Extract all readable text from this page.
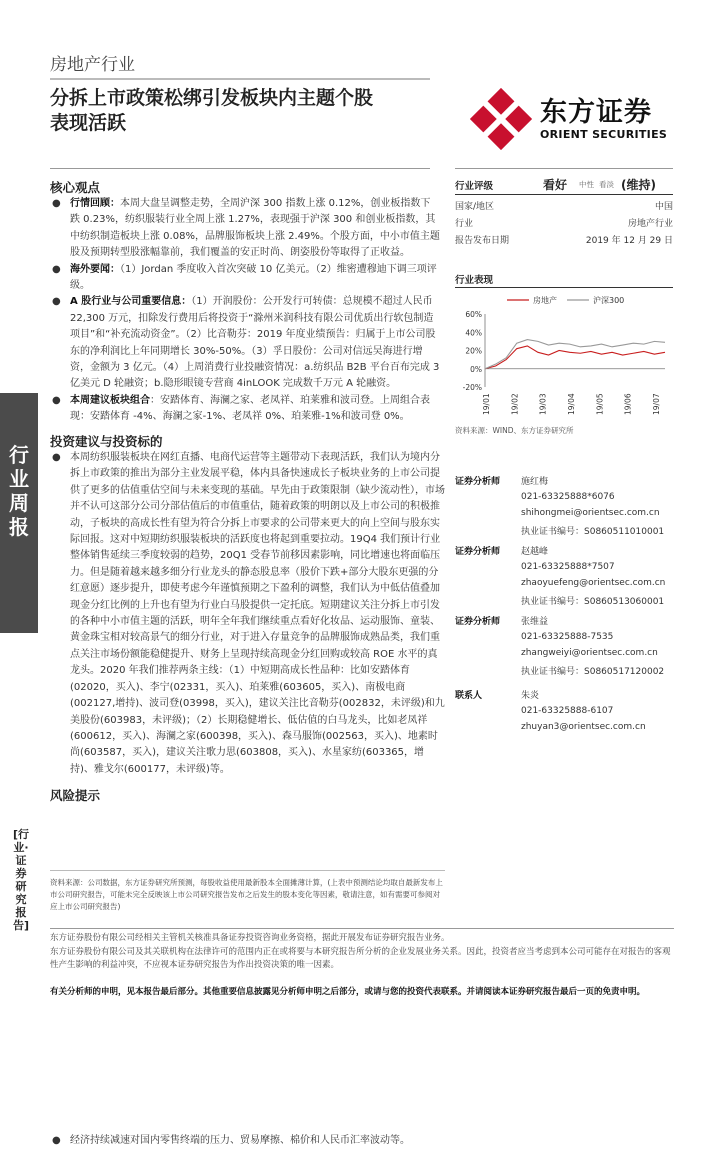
房地产行业
分拆上市政策松绑引发板块内主题个股
表现活跃	东方证券
ORIENT SECURITIES
行
业
周
报
[行业·证券研究报告]
核心观点
● 行情回顾：本周大盘呈调整走势，全周沪深 300 指数上涨 0.12%，创业板指数下跌 0.23%，纺织服装行业全周上涨 1.27%，表现强于沪深 300 和创业板指数，其中纺织制造板块上涨 0.08%，品牌服饰板块上涨 2.49%。个股方面，中小市值主题股及预期转型股涨幅靠前，我们覆盖的安正时尚、朗姿股份等取得了正收益。
● 海外要闻：（1）Jordan 季度收入首次突破 10 亿美元。（2）维密遭穆迪下调三项评级。
● A 股行业与公司重要信息：（1）开润股份：公开发行可转债：总规模不超过人民币 22,300 万元，扣除发行费用后将投资于“滁州米润科技有限公司优质出行软包制造项目”和“补充流动资金”。（2）比音勒芬：2019 年度业绩预告：归属于上市公司股东的净利润比上年同期增长 30%-50%。（3）孚日股份：公司对信远吴海进行增资，金额为 3 亿元。（4）上周消费行业投融资情况：a.纺织品 B2B 平台百布完成 3 亿美元 D 轮融资；b.隐形眼镜专营商 4inLOOK 完成数千万元 A 轮融资。
● 本周建议板块组合：安踏体育、海澜之家、老凤祥、珀莱雅和波司登。上周组合表现：安踏体育 -4%、海澜之家-1%、老凤祥 0%、珀莱雅-1%和波司登 0%。
投资建议与投资标的
● 本周纺织服装板块在网红直播、电商代运营等主题带动下表现活跃，我们认为境内分拆上市政策的推出为部分主业发展平稳，体内具备快速成长子板块业务的上市公司提供了更多的估值重估空间与未来变现的基础。早先由于政策限制（缺少流动性），市场并不认可这部分公司分部估值后的市值重估，随着政策的明朗以及上市公司的积极推动，子板块的高成长性有望为符合分拆上市要求的公司带来更大的向上空间与股东实际回报。这对中短期纺织服装板块的活跃度也将起到重要拉动。19Q4 我们预计行业整体销售延续三季度较弱的趋势，20Q1 受春节前移因素影响，同比增速也将面临压力。但是随着越来越多细分行业龙头的静态股息率（股价下跌+部分大股东更强的分红意愿）逐步提升，即使考虑今年谨慎预期之下盈利的调整，我们认为中低估值叠加现金分红比例的上升也有望为行业白马股提供一定托底。短期建议关注分拆上市引发的各种中小市值主题的活跃，明年全年我们继续重点看好化妆品、运动服饰、童装、黄金珠宝相对较高景气的细分行业，对于进入存量竞争的品牌服饰成熟品类，我们重点关注市场份额能稳健提升、财务上呈现持续高现金分红回购或较高 ROE 水平的真龙头。2020 年我们推荐两条主线：（1）中短期高成长性品种：比如安踏体育(02020，买入)、李宁(02331，买入)、珀莱雅(603605，买入)、南极电商(002127,增持)、波司登(03998，买入)，建议关注比音勒芬(002832，未评级)和九美股份(603983，未评级)；（2）长期稳健增长、低估值的白马龙头，比如老凤祥(600612，买入)、海澜之家(600398，买入)、森马服饰(002563，买入)、地素时尚(603587，买入)，建议关注歌力思(603808，买入)、水星家纺(603365，增持)、雅戈尔(600177，未评级)等。
风险提示
● 经济持续减速对国内零售终端的压力、贸易摩擦、棉价和人民币汇率波动等。
行业评级	看好 中性 看淡 (维持)
国家/地区	中国
行业	房地产行业
报告发布日期	2019 年 12 月 29 日
行业表现
房地产	沪深300
60%
40%
20%
0%
-20%
19/01	19/02	19/03	19/04	19/05	19/06	19/07
资料来源：WIND、东方证券研究所
证券分析师 施红梅
021-63325888*6076
shihongmei@orientsec.com.cn
执业证书编号：S0860511010001
证券分析师 赵越峰
021-63325888*7507
zhaoyuefeng@orientsec.com.cn
执业证书编号：S0860513060001
证券分析师 张维益
021-63325888-7535
zhangweiyi@orientsec.com.cn
执业证书编号：S0860517120002
联系人	朱炎
021-63325888-6107
zhuyan3@orientsec.com.cn
资料来源：公司数据，东方证券研究所预测，每股收益使用最新股本全面摊薄计算，(上表中预测结论均取自最新发布上市公司研究报告，可能未完全反映该上市公司研究报告发布之后发生的股本变化等因素，敬请注意，如有需要可参阅对应上市公司研究报告)
东方证券股份有限公司经相关主管机关核准具备证券投资咨询业务资格，据此开展发布证券研究报告业务。
东方证券股份有限公司及其关联机构在法律许可的范围内正在或将要与本研究报告所分析的企业发展业务关系。因此，投资者应当考虑到本公司可能存在对报告的客观性产生影响的利益冲突，不应视本证券研究报告为作出投资决策的唯一因素。
有关分析师的申明，见本报告最后部分。其他重要信息披露见分析师申明之后部分，或请与您的投资代表联系。并请阅读本证券研究报告最后一页的免责申明。
